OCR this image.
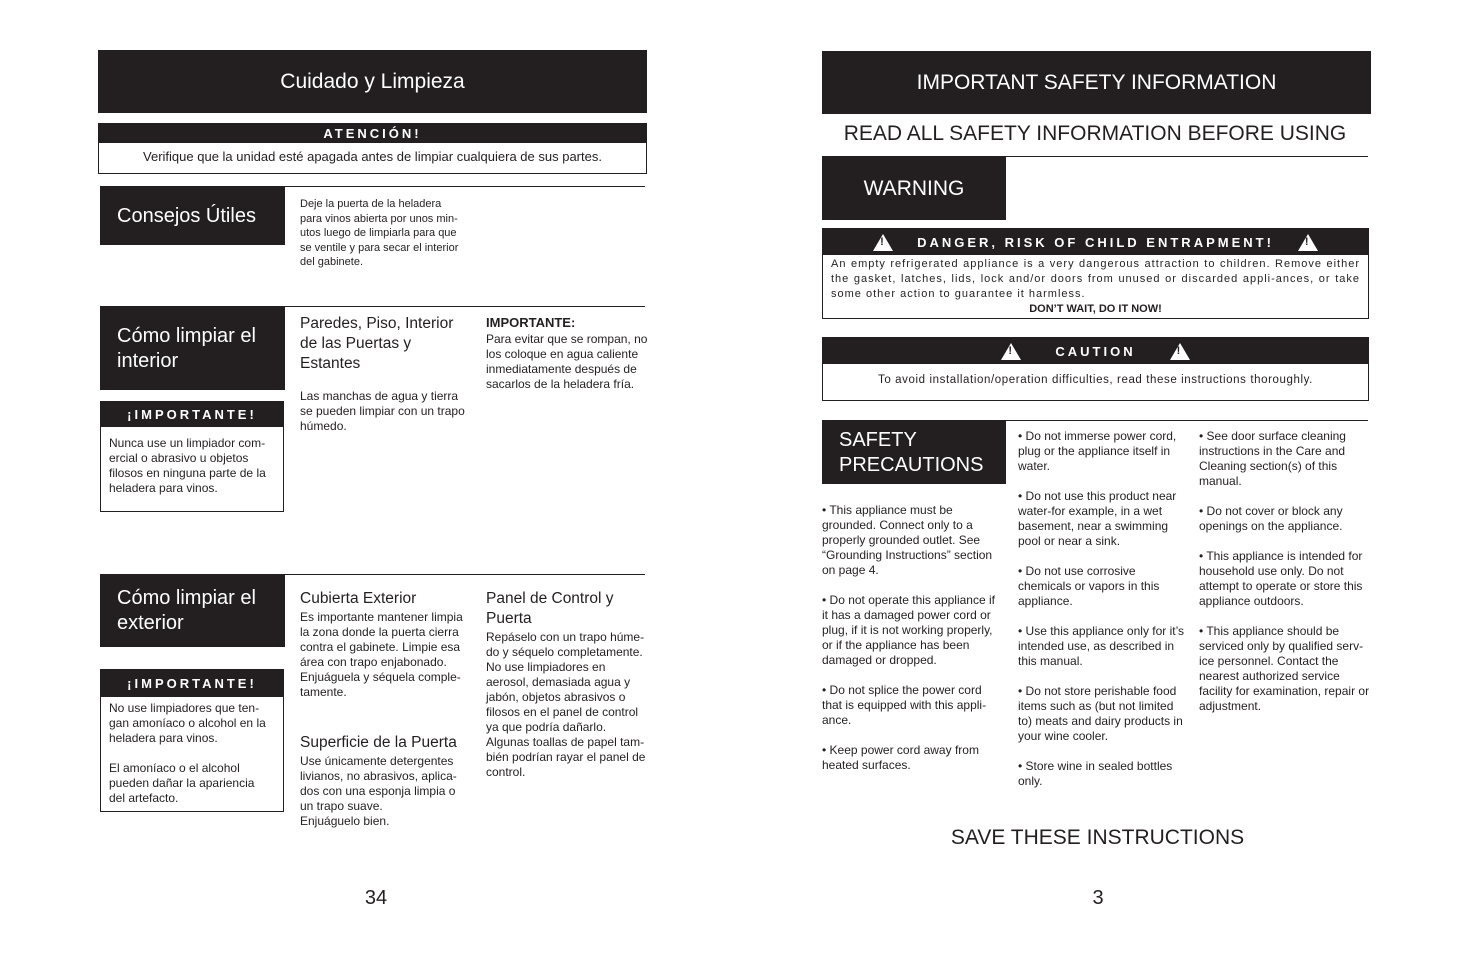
Cuidado y Limpieza
ATENCIÓN!
Verifique que la unidad esté apagada antes de limpiar cualquiera de sus partes.
Consejos Útiles
Deje la puerta de la heladera
para vinos abierta por unos min-
utos luego de limpiarla para que
se ventile y para secar el interior
del gabinete.
Cómo limpiar el
interior
Paredes, Piso, Interior
de las Puertas y
Estantes
Las manchas de agua y tierra
se pueden limpiar con un trapo
húmedo.
IMPORTANTE:
Para evitar que se rompan, no
los coloque en agua caliente
inmediatamente después de
sacarlos de la heladera fría.
¡IMPORTANTE!
Nunca use un limpiador com-
ercial o abrasivo u objetos
filosos en ninguna parte de la
heladera para vinos.
Cómo limpiar el
exterior
Cubierta Exterior
Es importante mantener limpia
la zona donde la puerta cierra
contra el gabinete. Limpie esa
área con trapo enjabonado.
Enjuáguela y séquela comple-
tamente.
Superficie de la Puerta
Use únicamente detergentes
livianos, no abrasivos, aplica-
dos con una esponja limpia o
un trapo suave.
Enjuáguelo bien.
Panel de Control y
Puerta
Repáselo con un trapo húme-
do y séquelo completamente.
No use limpiadores en
aerosol, demasiada agua y
jabón, objetos abrasivos o
filosos en el panel de control
ya que podría dañarlo.
Algunas toallas de papel tam-
bién podrían rayar el panel de
control.
¡IMPORTANTE!
No use limpiadores que ten-
gan amoníaco o alcohol en la
heladera para vinos.

El amoníaco o el alcohol
pueden dañar la apariencia
del artefacto.
34
IMPORTANT SAFETY INFORMATION
READ ALL SAFETY INFORMATION BEFORE USING
WARNING
! DANGER, RISK OF CHILD ENTRAPMENT!	!
An empty refrigerated appliance is a very dangerous attraction to children. Remove either the gasket, latches, lids, lock and/or doors from unused or discarded appli-ances, or take some other action to guarantee it harmless.
DON’T WAIT, DO IT NOW!
!	CAUTION	!
To avoid installation/operation difficulties, read these instructions thoroughly.
SAFETY
PRECAUTIONS

• This appliance must be grounded. Connect only to a properly grounded outlet. See “Grounding Instructions” section on page 4.

• Do not operate this appliance if it has a damaged power cord or plug, if it is not working properly, or if the appliance has been damaged or dropped.

• Do not splice the power cord that is equipped with this appli-ance.

• Keep power cord away from heated surfaces.

• Do not immerse power cord, plug or the appliance itself in water.

• Do not use this product near water-for example, in a wet basement, near a swimming pool or near a sink.

• Do not use corrosive chemicals or vapors in this appliance.

• Use this appliance only for it’s intended use, as described in this manual.

• Do not store perishable food items such as (but not limited to) meats and dairy products in your wine cooler.

• Store wine in sealed bottles only.

• See door surface cleaning instructions in the Care and Cleaning section(s) of this manual.

• Do not cover or block any openings on the appliance.

• This appliance is intended for household use only. Do not attempt to operate or store this appliance outdoors.

• This appliance should be serviced only by qualified serv-ice personnel. Contact the nearest authorized service facility for examination, repair or adjustment.

SAVE THESE INSTRUCTIONS
3
